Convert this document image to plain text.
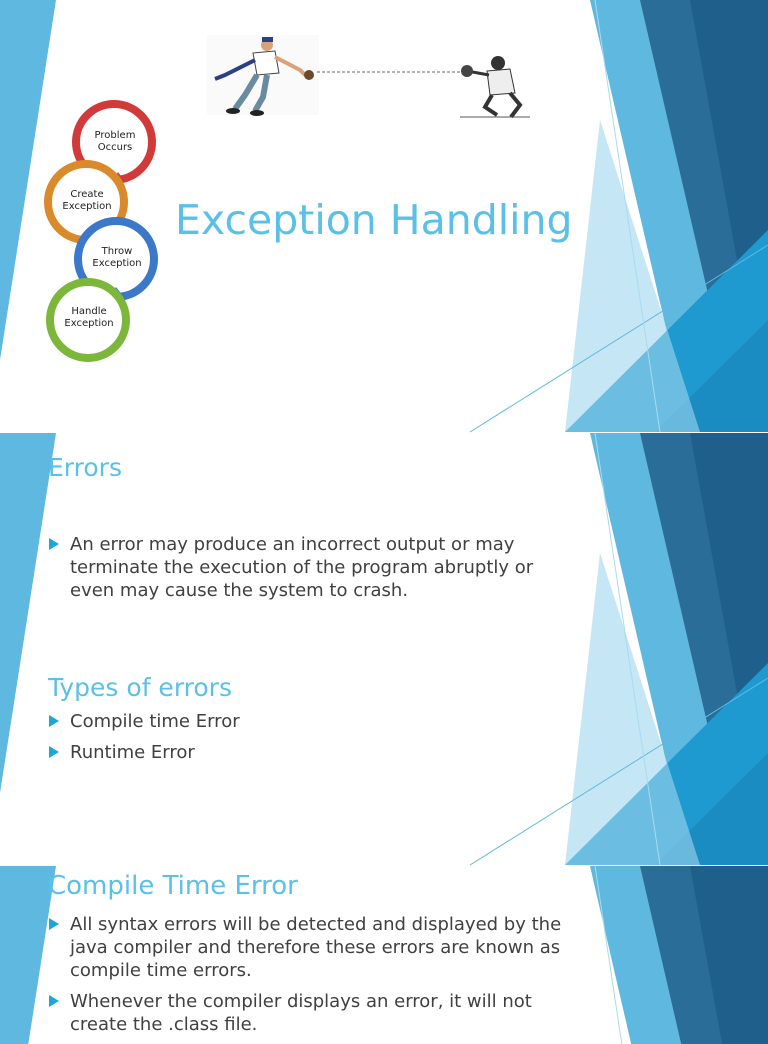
Problem Occurs
Create Exception
Throw Exception
Handle Exception
Exception Handling
Errors
An error may produce an incorrect output or may terminate the execution of the program abruptly or even may cause the system to crash.
Types of errors
Compile time Error
Runtime Error
Compile Time Error
All syntax errors will be detected and displayed by the java compiler and therefore these errors are known as compile time errors.
Whenever the compiler displays an error, it will not create the .class file.
